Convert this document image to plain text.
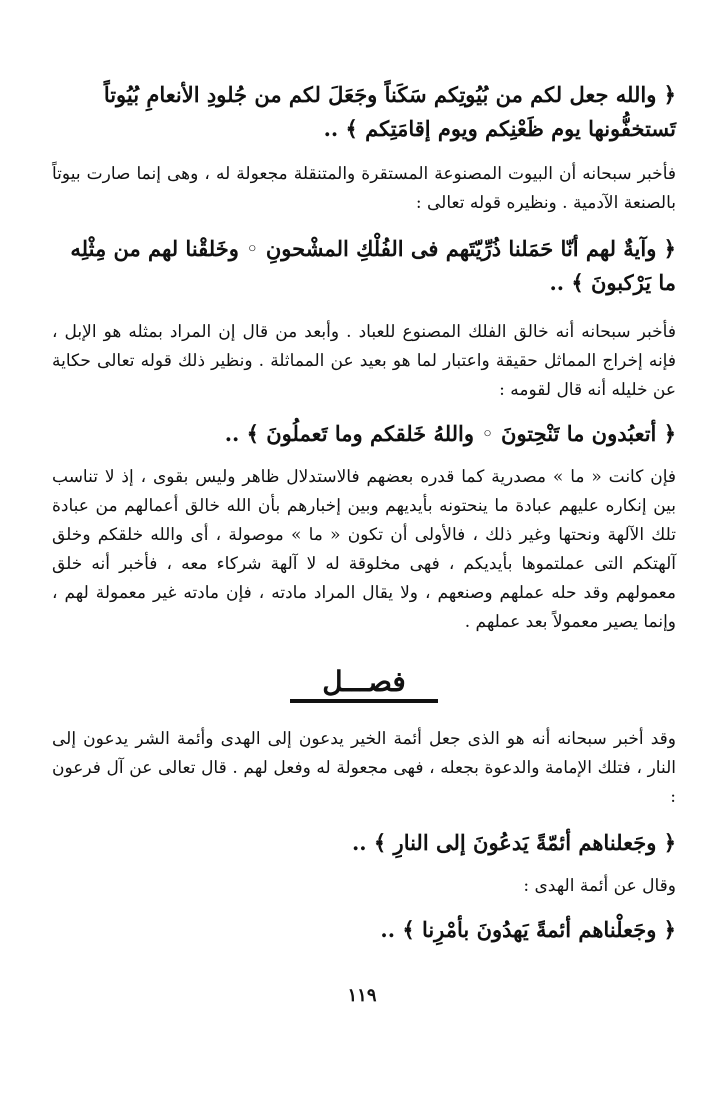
﴿ والله جعل لكم من بُيُوتِكم سَكَناً وجَعَلَ لكم من جُلودِ الأنعامِ بُيُوتاً تَستخفُّونها يوم ظَعْنِكم ويوم إقامَتِكم ﴾ ..

فأخبر سبحانه أن البيوت المصنوعة المستقرة والمتنقلة مجعولة له ، وهى إنما صارت بيوتاً بالصنعة الآدمية . ونظيره قوله تعالى :

﴿ وآيةٌ لهم أنّا حَمَلنا ذُرِّيّتَهم فى الفُلْكِ المشْحونِ ◦ وخَلقْنا لهم من مِثْلِه ما يَرْكبونَ ﴾ ..

فأخبر سبحانه أنه خالق الفلك المصنوع للعباد . وأبعد من قال إن المراد بمثله هو الإبل ، فإنه إخراج المماثل حقيقة واعتبار لما هو بعيد عن المماثلة . ونظير ذلك قوله تعالى حكاية عن خليله أنه قال لقومه :

﴿ أتعبُدون ما تَنْحِتونَ ◦ واللهُ خَلقكم وما تَعملُونَ ﴾ ..

فإن كانت « ما » مصدرية كما قدره بعضهم فالاستدلال ظاهر وليس بقوى ، إذ لا تناسب بين إنكاره عليهم عبادة ما ينحتونه بأيديهم وبين إخبارهم بأن الله خالق أعمالهم من عبادة تلك الآلهة ونحتها وغير ذلك ، فالأولى أن تكون « ما » موصولة ، أى والله خلقكم وخلق آلهتكم التى عملتموها بأيديكم ، فهى مخلوقة له لا آلهة شركاء معه ، فأخبر أنه خلق معمولهم وقد حله عملهم وصنعهم ، ولا يقال المراد مادته ، فإن مادته غير معمولة لهم ، وإنما يصير معمولاً بعد عملهم .

فصـــل

وقد أخبر سبحانه أنه هو الذى جعل أئمة الخير يدعون إلى الهدى وأئمة الشر يدعون إلى النار ، فتلك الإمامة والدعوة بجعله ، فهى مجعولة له وفعل لهم . قال تعالى عن آل فرعون :

﴿ وجَعلناهم أئمّةً يَدعُونَ إلى النارِ ﴾ ..

وقال عن أئمة الهدى :

﴿ وجَعلْناهم أئمةً يَهدُونَ بأمْرِنا ﴾ ..

١١٩
